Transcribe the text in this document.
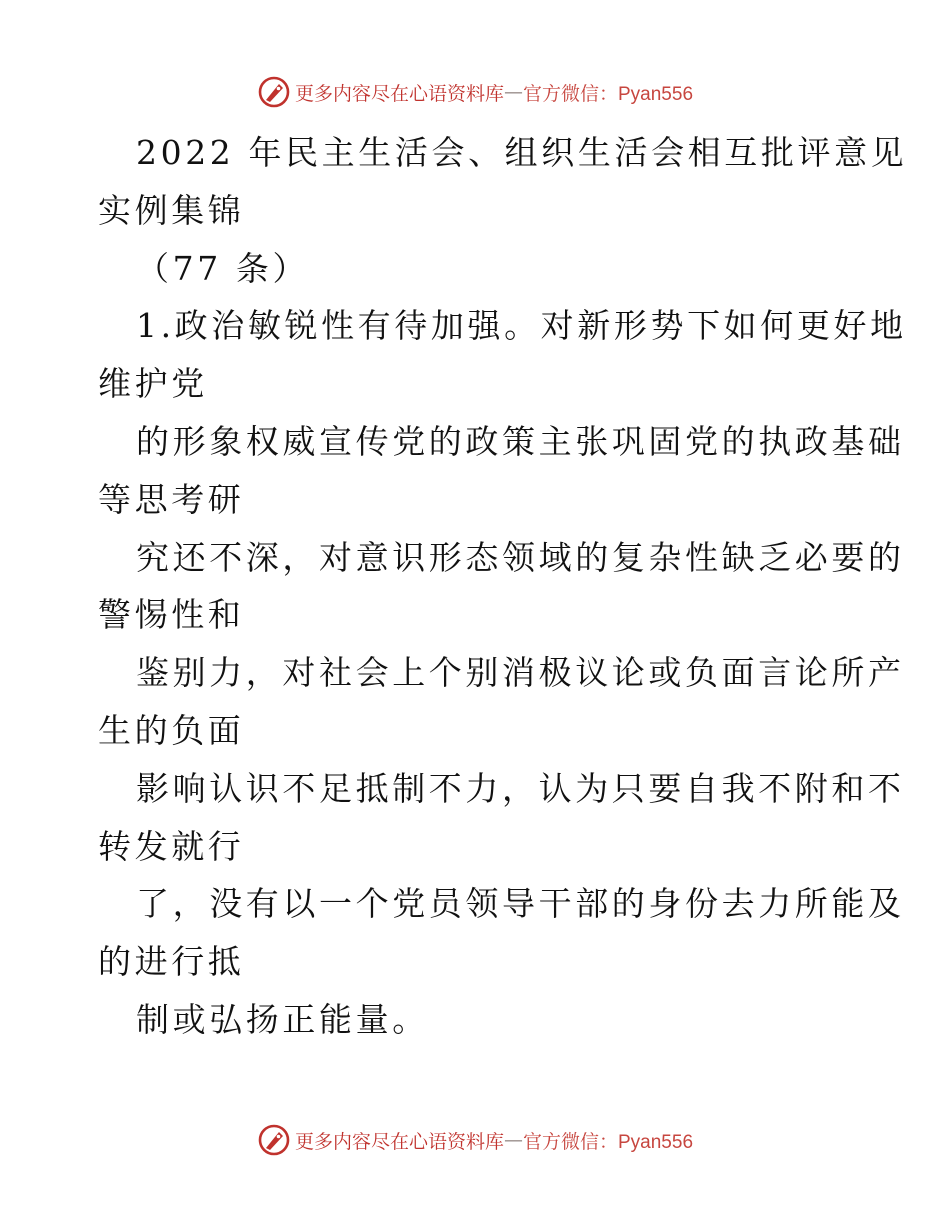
更多内容尽在心语资料库 — 官方微信：Pyan556
2022 年民主生活会、组织生活会相互批评意见
实例集锦
（77 条）
1.政治敏锐性有待加强。对新形势下如何更好地
维护党
的形象权威宣传党的政策主张巩固党的执政基础
等思考研
究还不深，对意识形态领域的复杂性缺乏必要的
警惕性和
鉴别力，对社会上个别消极议论或负面言论所产
生的负面
影响认识不足抵制不力，认为只要自我不附和不
转发就行
了，没有以一个党员领导干部的身份去力所能及
的进行抵
制或弘扬正能量。
更多内容尽在心语资料库 — 官方微信：Pyan556
